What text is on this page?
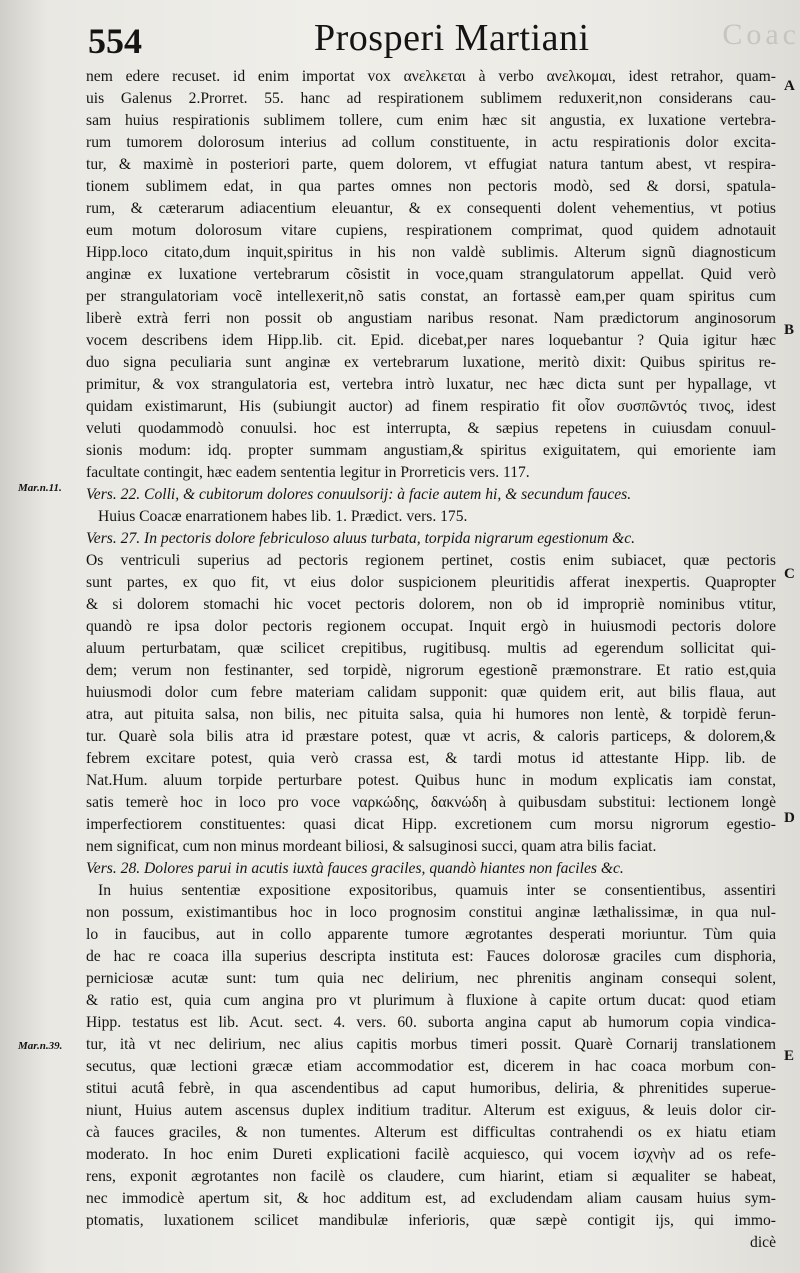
Coac
554	Prosperi Martiani
nem edere recuset. id enim importat vox ανελκεται à verbo ανελκομαι, idest retrahor, quam-
uis Galenus 2.Prorret. 55. hanc ad respirationem sublimem reduxerit,non considerans cau-
sam huius respirationis sublimem tollere, cum enim hæc sit angustia, ex luxatione vertebra-
rum tumorem dolorosum interius ad collum constituente, in actu respirationis dolor excita-
tur, & maximè in posteriori parte, quem dolorem, vt effugiat natura tantum abest, vt respira-
tionem sublimem edat, in qua partes omnes non pectoris modò, sed & dorsi, spatula-
rum, & cæterarum adiacentium eleuantur, & ex consequenti dolent vehementius, vt potius
eum motum dolorosum vitare cupiens, respirationem comprimat, quod quidem adnotauit
Hipp.loco citato,dum inquit,spiritus in his non valdè sublimis. Alterum signũ diagnosticum
anginæ ex luxatione vertebrarum cõsistit in voce,quam strangulatorum appellat. Quid verò
per strangulatoriam vocẽ intellexerit,nõ satis constat, an fortassè eam,per quam spiritus cum
liberè extrà ferri non possit ob angustiam naribus resonat. Nam prædictorum anginosorum
vocem describens idem Hipp.lib. cit. Epid. dicebat,per nares loquebantur ? Quia igitur hæc
duo signa peculiaria sunt anginæ ex vertebrarum luxatione, meritò dixit: Quibus spiritus re-
primitur, & vox strangulatoria est, vertebra intrò luxatur, nec hæc dicta sunt per hypallage, vt
quidam existimarunt, His (subiungit auctor) ad finem respiratio fit οἷον συσπῶντός τινος, idest
veluti quodammodò conuulsi. hoc est interrupta, & sæpius repetens in cuiusdam conuul-
sionis modum: idq. propter summam angustiam,& spiritus exiguitatem, qui emoriente iam
facultate contingit, hæc eadem sententia legitur in Prorreticis vers. 117.
Vers. 22. Colli, & cubitorum dolores conuulsorij: à facie autem hi, & secundum fauces.
Huius Coacæ enarrationem habes lib. 1. Prædict. vers. 175.
Vers. 27. In pectoris dolore febriculoso aluus turbata, torpida nigrarum egestionum &c.
Os ventriculi superius ad pectoris regionem pertinet, costis enim subiacet, quæ pectoris
sunt partes, ex quo fit, vt eius dolor suspicionem pleuritidis afferat inexpertis. Quapropter
& si dolorem stomachi hic vocet pectoris dolorem, non ob id impropriè nominibus vtitur,
quandò re ipsa dolor pectoris regionem occupat. Inquit ergò in huiusmodi pectoris dolore
aluum perturbatam, quæ scilicet crepitibus, rugitibusq. multis ad egerendum sollicitat qui-
dem; verum non festinanter, sed torpidè, nigrorum egestionẽ præmonstrare. Et ratio est,quia
huiusmodi dolor cum febre materiam calidam supponit: quæ quidem erit, aut bilis flaua, aut
atra, aut pituita salsa, non bilis, nec pituita salsa, quia hi humores non lentè, & torpidè ferun-
tur. Quarè sola bilis atra id præstare potest, quæ vt acris, & caloris particeps, & dolorem,&
febrem excitare potest, quia verò crassa est, & tardi motus id attestante Hipp. lib. de
Nat.Hum. aluum torpide perturbare potest. Quibus hunc in modum explicatis iam constat,
satis temerè hoc in loco pro voce ναρκώδης, δακνώδη à quibusdam substitui: lectionem longè
imperfectiorem constituentes: quasi dicat Hipp. excretionem cum morsu nigrorum egestio-
nem significat, cum non minus mordeant biliosi, & salsuginosi succi, quam atra bilis faciat.
Vers. 28. Dolores parui in acutis iuxtà fauces graciles, quandò hiantes non faciles &c.
In huius sententiæ expositione expositoribus, quamuis inter se consentientibus, assentiri
non possum, existimantibus hoc in loco prognosim constitui anginæ læthalissimæ, in qua nul-
lo in faucibus, aut in collo apparente tumore ægrotantes desperati moriuntur. Tùm quia
de hac re coaca illa superius descripta instituta est: Fauces dolorosæ graciles cum disphoria,
perniciosæ acutæ sunt: tum quia nec delirium, nec phrenitis anginam consequi solent,
& ratio est, quia cum angina pro vt plurimum à fluxione à capite ortum ducat: quod etiam
Hipp. testatus est lib. Acut. sect. 4. vers. 60. suborta angina caput ab humorum copia vindica-
tur, ità vt nec delirium, nec alius capitis morbus timeri possit. Quarè Cornarij translationem
secutus, quæ lectioni græcæ etiam accommodatior est, dicerem in hac coaca morbum con-
stitui acutâ febrè, in qua ascendentibus ad caput humoribus, deliria, & phrenitides superue-
niunt, Huius autem ascensus duplex inditium traditur. Alterum est exiguus, & leuis dolor cir-
cà fauces graciles, & non tumentes. Alterum est difficultas contrahendi os ex hiatu etiam
moderato. In hoc enim Dureti explicationi facilè acquiesco, qui vocem ἰσχνὴν ad os refe-
rens, exponit ægrotantes non facilè os claudere, cum hiarint, etiam si æqualiter se habeat,
nec immodicè apertum sit, & hoc additum est, ad excludendam aliam causam huius sym-
ptomatis, luxationem scilicet mandibulæ inferioris, quæ sæpè contigit ijs, qui immo-
dicè
Mar.n.11.
Mar.n.39.
A
B
C
D
E
